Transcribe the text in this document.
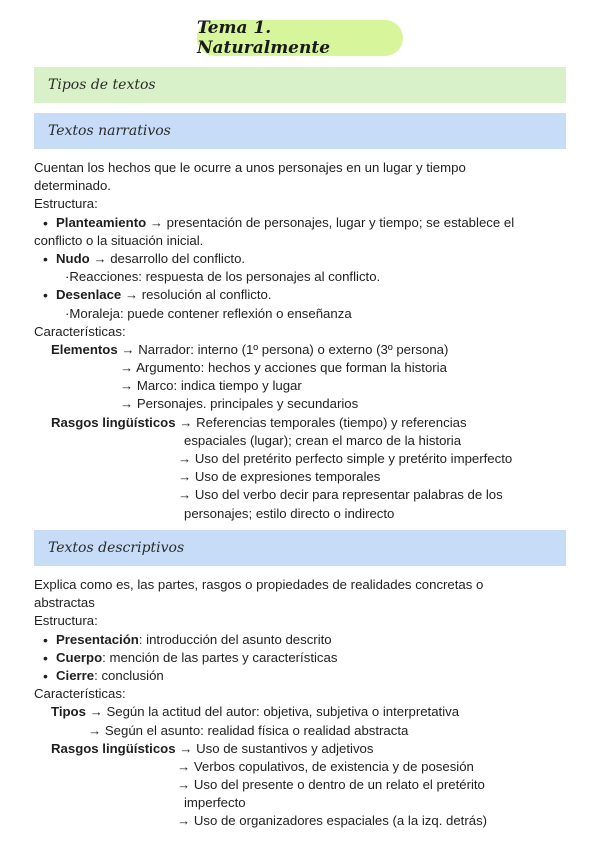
Tema 1. Naturalmente
Tipos de textos
Textos narrativos
Cuentan los hechos que le ocurre a unos personajes en un lugar y tiempo
determinado.
Estructura:
• Planteamiento → presentación de personajes, lugar y tiempo; se establece el
conflicto o la situación inicial.
• Nudo → desarrollo del conflicto.
·Reacciones: respuesta de los personajes al conflicto.
• Desenlace → resolución al conflicto.
·Moraleja: puede contener reflexión o enseñanza
Características:
Elementos → Narrador: interno (1º persona) o externo (3º persona)
→ Argumento: hechos y acciones que forman la historia
→ Marco: indica tiempo y lugar
→ Personajes. principales y secundarios
Rasgos lingüísticos → Referencias temporales (tiempo) y referencias
espaciales (lugar); crean el marco de la historia
→ Uso del pretérito perfecto simple y pretérito imperfecto
→ Uso de expresiones temporales
→ Uso del verbo decir para representar palabras de los
personajes; estilo directo o indirecto
Textos descriptivos
Explica como es, las partes, rasgos o propiedades de realidades concretas o
abstractas
Estructura:
• Presentación: introducción del asunto descrito
• Cuerpo: mención de las partes y características
• Cierre: conclusión
Características:
Tipos → Según la actitud del autor: objetiva, subjetiva o interpretativa
→ Según el asunto: realidad física o realidad abstracta
Rasgos lingüísticos → Uso de sustantivos y adjetivos
→ Verbos copulativos, de existencia y de posesión
→ Uso del presente o dentro de un relato el pretérito
imperfecto
→ Uso de organizadores espaciales (a la izq. detrás)
